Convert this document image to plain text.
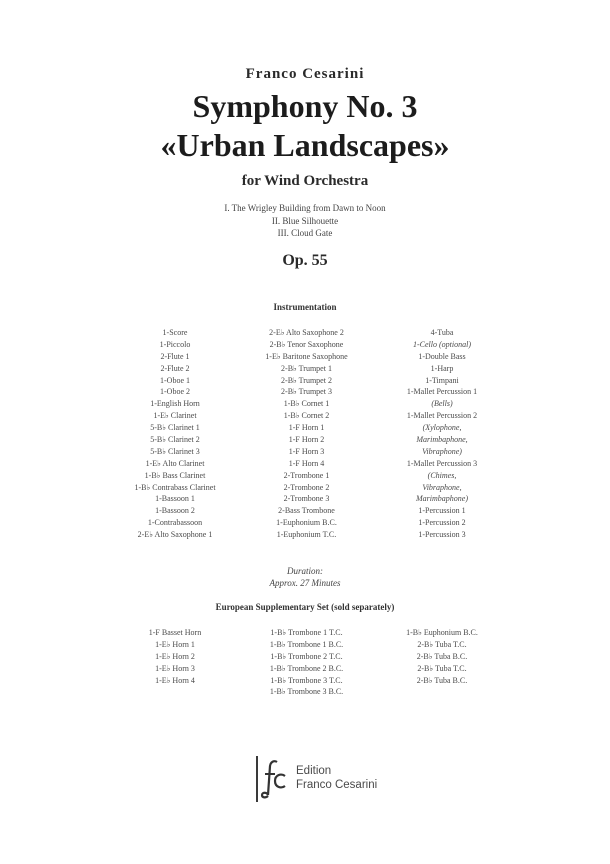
Franco Cesarini
Symphony No. 3
«Urban Landscapes»
for Wind Orchestra
I. The Wrigley Building from Dawn to Noon
II. Blue Silhouette
III. Cloud Gate
Op. 55
Instrumentation
1-Score
1-Piccolo
2-Flute 1
2-Flute 2
1-Oboe 1
1-Oboe 2
1-English Horn
1-E♭ Clarinet
5-B♭ Clarinet 1
5-B♭ Clarinet 2
5-B♭ Clarinet 3
1-E♭ Alto Clarinet
1-B♭ Bass Clarinet
1-B♭ Contrabass Clarinet
1-Bassoon 1
1-Bassoon 2
1-Contrabassoon
2-E♭ Alto Saxophone 1
2-E♭ Alto Saxophone 2
2-B♭ Tenor Saxophone
1-E♭ Baritone Saxophone
2-B♭ Trumpet 1
2-B♭ Trumpet 2
2-B♭ Trumpet 3
1-B♭ Cornet 1
1-B♭ Cornet 2
1-F Horn 1
1-F Horn 2
1-F Horn 3
1-F Horn 4
2-Trombone 1
2-Trombone 2
2-Trombone 3
2-Bass Trombone
1-Euphonium B.C.
1-Euphonium T.C.
4-Tuba
1-Cello (optional)
1-Double Bass
1-Harp
1-Timpani
1-Mallet Percussion 1
(Bells)
1-Mallet Percussion 2
(Xylophone,
Marimbaphone,
Vibraphone)
1-Mallet Percussion 3
(Chimes,
Vibraphone,
Marimbaphone)
1-Percussion 1
1-Percussion 2
1-Percussion 3
Duration:
Approx. 27 Minutes
European Supplementary Set (sold separately)
1-F Basset Horn
1-E♭ Horn 1
1-E♭ Horn 2
1-E♭ Horn 3
1-E♭ Horn 4
1-B♭ Trombone 1 T.C.
1-B♭ Trombone 1 B.C.
1-B♭ Trombone 2 T.C.
1-B♭ Trombone 2 B.C.
1-B♭ Trombone 3 T.C.
1-B♭ Trombone 3 B.C.
1-B♭ Euphonium B.C.
2-B♭ Tuba T.C.
2-B♭ Tuba B.C.
2-B♭ Tuba T.C.
2-B♭ Tuba B.C.
Edition
Franco Cesarini
